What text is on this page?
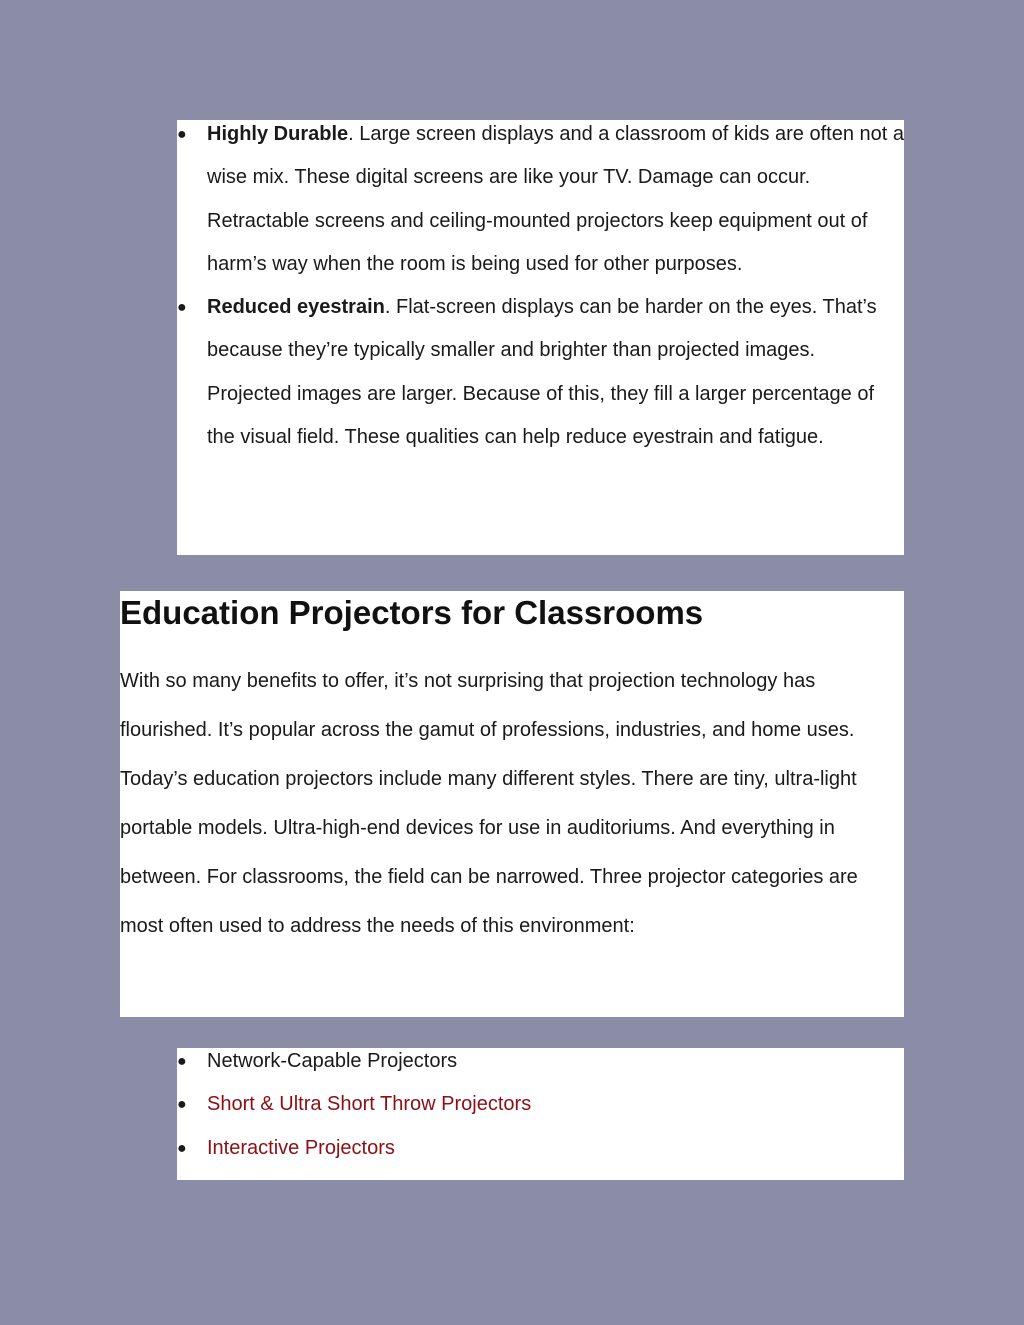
● Highly Durable. Large screen displays and a classroom of kids are often not a wise mix. These digital screens are like your TV. Damage can occur. Retractable screens and ceiling-mounted projectors keep equipment out of harm’s way when the room is being used for other purposes.
● Reduced eyestrain. Flat-screen displays can be harder on the eyes. That’s because they’re typically smaller and brighter than projected images. Projected images are larger. Because of this, they fill a larger percentage of the visual field. These qualities can help reduce eyestrain and fatigue.
Education Projectors for Classrooms

With so many benefits to offer, it’s not surprising that projection technology has flourished. It’s popular across the gamut of professions, industries, and home uses. Today’s education projectors include many different styles. There are tiny, ultra-light portable models. Ultra-high-end devices for use in auditoriums. And everything in between. For classrooms, the field can be narrowed. Three projector categories are most often used to address the needs of this environment:

● Network-Capable Projectors
● Short & Ultra Short Throw Projectors
● Interactive Projectors
